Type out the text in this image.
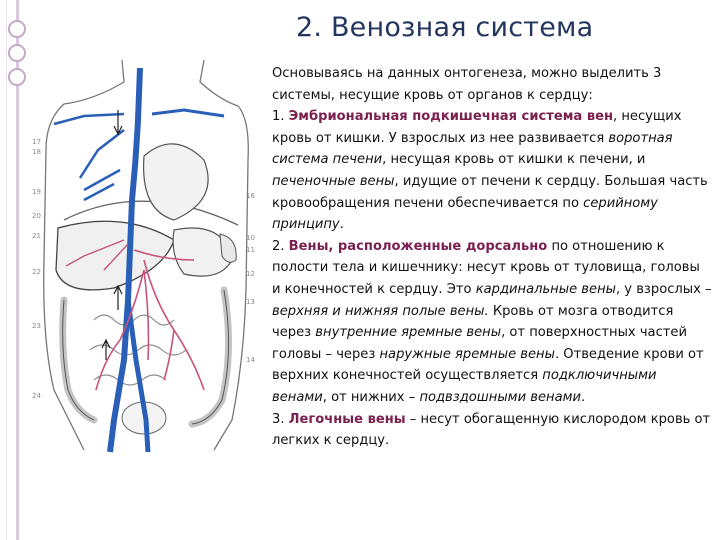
2. Венозная система
17
18
19
20
21
22
23
24
16
10
11
12
13
14

Основываясь на данных онтогенеза, можно выделить 3 системы, несущие кровь от органов к сердцу:

1. Эмбриональная подкишечная система вен, несущих кровь от кишки. У взрослых из нее развивается воротная система печени, несущая кровь от кишки к печени, и печеночные вены, идущие от печени к сердцу. Большая часть кровообращения печени обеспечивается по серийному принципу.

2. Вены, расположенные дорсально по отношению к полости тела и кишечнику: несут кровь от туловища, головы и конечностей к сердцу. Это кардинальные вены, у взрослых – верхняя и нижняя полые вены. Кровь от мозга отводится через внутренние яремные вены, от поверхностных частей головы – через наружные яремные вены. Отведение крови от верхних конечностей осуществляется подключичными венами, от нижних – подвздошными венами.

3. Легочные вены – несут обогащенную кислородом кровь от легких к сердцу.
